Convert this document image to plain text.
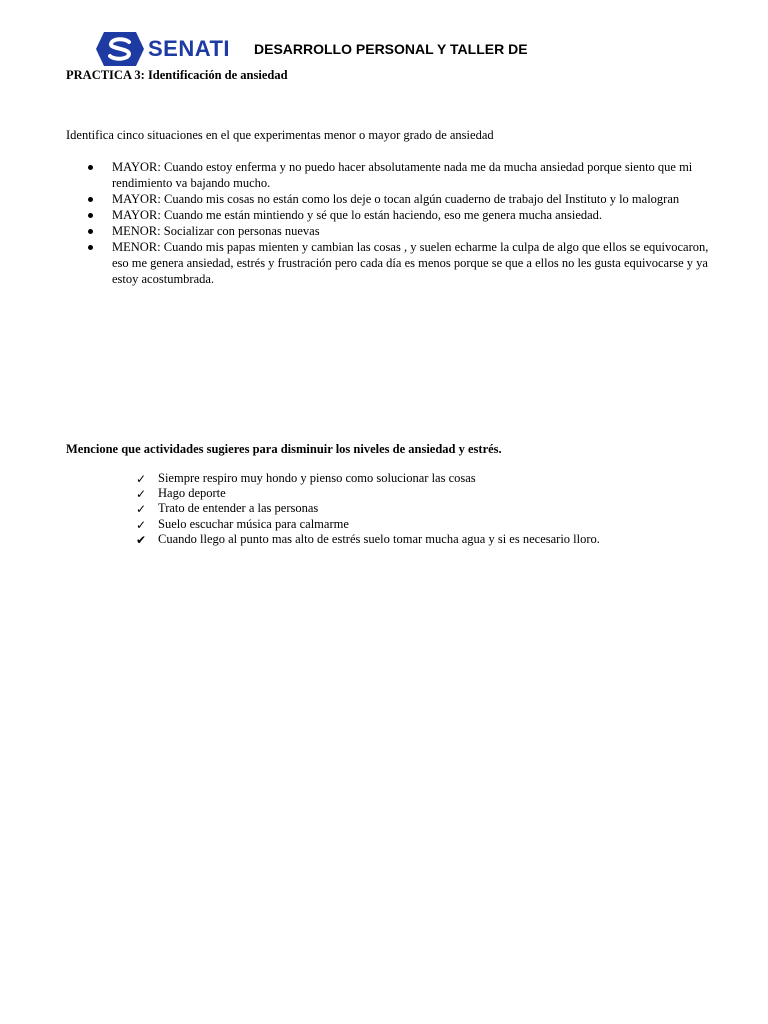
SENATI DESARROLLO PERSONAL Y TALLER DE
PRACTICA 3: Identificación de ansiedad
Identifica cinco situaciones en el que experimentas menor o mayor grado de ansiedad
MAYOR: Cuando estoy enferma y no puedo hacer absolutamente nada me da mucha ansiedad porque siento que mi rendimiento va bajando mucho.
MAYOR: Cuando mis cosas no están como los deje o tocan algún cuaderno de trabajo del Instituto y lo malogran
MAYOR: Cuando me están mintiendo y sé que lo están haciendo, eso me genera mucha ansiedad.
MENOR: Socializar con personas nuevas
MENOR: Cuando mis papas mienten y cambian las cosas , y suelen echarme la culpa de algo que ellos se equivocaron, eso me genera ansiedad, estrés y frustración pero cada día es menos porque se que a ellos no les gusta equivocarse y ya estoy acostumbrada.
Mencione que actividades sugieres para disminuir los niveles de ansiedad y estrés.
✓ Siempre respiro muy hondo y pienso como solucionar las cosas
✓ Hago deporte
✓ Trato de entender a las personas
✓ Suelo escuchar música para calmarme
✔ Cuando llego al punto mas alto de estrés suelo tomar mucha agua y si es necesario lloro.
